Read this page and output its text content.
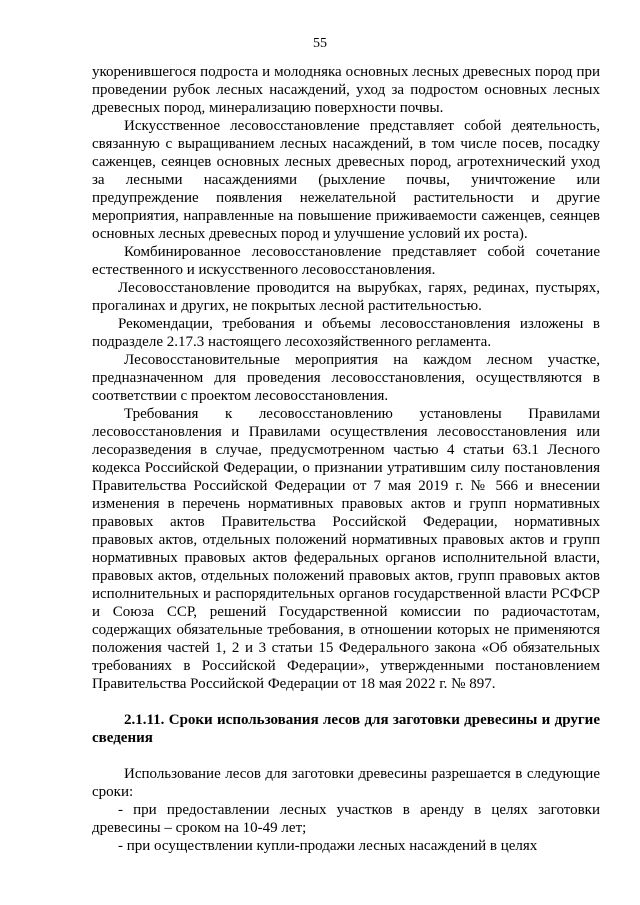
55

укоренившегося подроста и молодняка основных лесных древесных пород при проведении рубок лесных насаждений, уход за подростом основных лесных древесных пород, минерализацию поверхности почвы.

Искусственное лесовосстановление представляет собой деятельность, связанную с выращиванием лесных насаждений, в том числе посев, посадку саженцев, сеянцев основных лесных древесных пород, агротехнический уход за лесными насаждениями (рыхление почвы, уничтожение или предупреждение появления нежелательной растительности и другие мероприятия, направленные на повышение приживаемости саженцев, сеянцев основных лесных древесных пород и улучшение условий их роста).

Комбинированное лесовосстановление представляет собой сочетание естественного и искусственного лесовосстановления.

Лесовосстановление проводится на вырубках, гарях, рединах, пустырях, прогалинах и других, не покрытых лесной растительностью.

Рекомендации, требования и объемы лесовосстановления изложены в подразделе 2.17.3 настоящего лесохозяйственного регламента.

Лесовосстановительные мероприятия на каждом лесном участке, предназначенном для проведения лесовосстановления, осуществляются в соответствии с проектом лесовосстановления.

Требования к лесовосстановлению установлены Правилами лесовосстановления и Правилами осуществления лесовосстановления или лесоразведения в случае, предусмотренном частью 4 статьи 63.1 Лесного кодекса Российской Федерации, о признании утратившим силу постановления Правительства Российской Федерации от 7 мая 2019 г. № 566 и внесении изменения в перечень нормативных правовых актов и групп нормативных правовых актов Правительства Российской Федерации, нормативных правовых актов, отдельных положений нормативных правовых актов и групп нормативных правовых актов федеральных органов исполнительной власти, правовых актов, отдельных положений правовых актов, групп правовых актов исполнительных и распорядительных органов государственной власти РСФСР и Союза ССР, решений Государственной комиссии по радиочастотам, содержащих обязательные требования, в отношении которых не применяются положения частей 1, 2 и 3 статьи 15 Федерального закона «Об обязательных требованиях в Российской Федерации», утвержденными постановлением Правительства Российской Федерации от 18 мая 2022 г. № 897.

2.1.11. Сроки использования лесов для заготовки древесины и другие сведения

Использование лесов для заготовки древесины разрешается в следующие сроки:

- при предоставлении лесных участков в аренду в целях заготовки древесины – сроком на 10-49 лет;

- при осуществлении купли-продажи лесных насаждений в целях
